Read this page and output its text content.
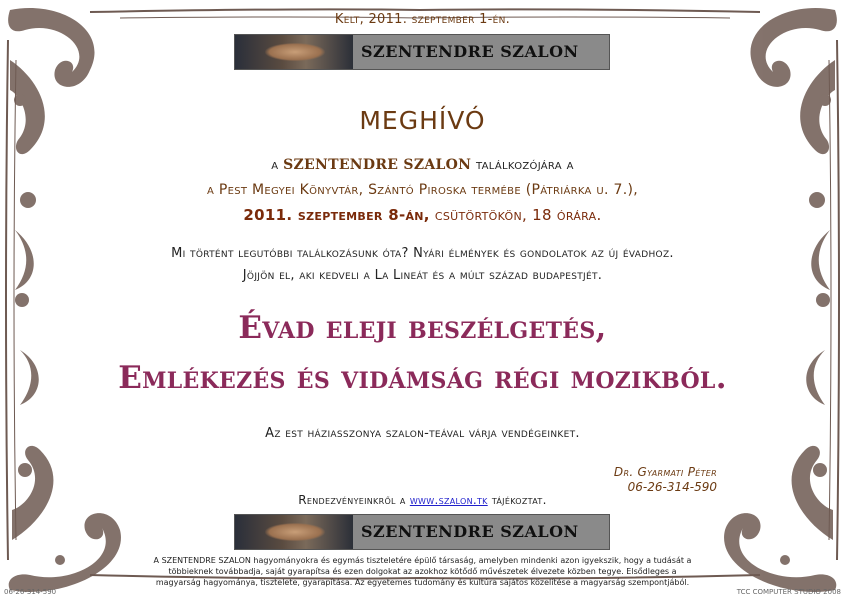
Kelt, 2011. szeptember 1-én.
SZENTENDRE SZALON
MEGHÍVÓ
a SZENTENDRE SZALON találkozójára a
a Pest Megyei Könyvtár, Szántó Piroska termébe (Pátriárka u. 7.),
2011. szeptember 8-án, csütörtökön, 18 órára.
Mi történt legutóbbi találkozásunk óta? Nyári élmények és gondolatok az új évadhoz.
Jöjjön el, aki kedveli a La Lineát és a múlt század budapestjét.
Évad eleji beszélgetés,
Emlékezés és vidámság régi mozikból.
Az est háziasszonya szalon-teával várja vendégeinket.
Dr. Gyarmati Péter
06-26-314-590
Rendezvényeinkről a www.szalon.tk tájékoztat.
SZENTENDRE SZALON
A SZENTENDRE SZALON hagyományokra és egymás tiszteletére épülő társaság, amelyben mindenki azon igyekszik, hogy a tudását a többieknek továbbadja, saját gyarapítsa és ezen dolgokat az azokhoz kötődő művészetek élvezete közben tegye. Elsődleges a magyarság hagyománya, tisztelete, gyarapítása. Az egyetemes tudomány és kultúra sajátos közelítése a magyarság szempontjából.
06-26-314-590	TCC COMPUTER STUDIO 2008
